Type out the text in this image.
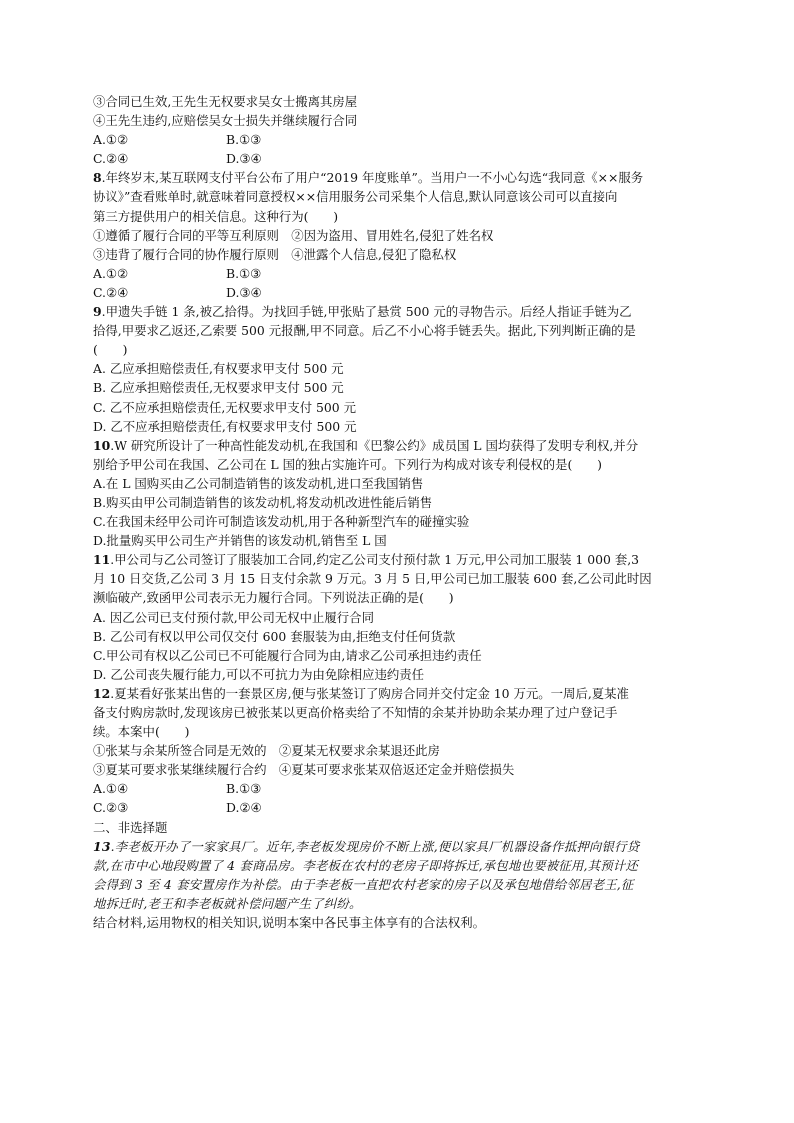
③合同已生效,王先生无权要求吴女士搬离其房屋
④王先生违约,应赔偿吴女士损失并继续履行合同
A.①②	B.①③
C.②④	D.③④
8.年终岁末,某互联网支付平台公布了用户“2019 年度账单”。当用户一不小心勾选“我同意《××服务
协议》”查看账单时,就意味着同意授权××信用服务公司采集个人信息,默认同意该公司可以直接向
第三方提供用户的相关信息。这种行为(　　)
①遵循了履行合同的平等互利原则　②因为盗用、冒用姓名,侵犯了姓名权
③违背了履行合同的协作履行原则　④泄露个人信息,侵犯了隐私权
A.①②	B.①③
C.②④	D.③④
9.甲遗失手链 1 条,被乙拾得。为找回手链,甲张贴了悬赏 500 元的寻物告示。后经人指证手链为乙
拾得,甲要求乙返还,乙索要 500 元报酬,甲不同意。后乙不小心将手链丢失。据此,下列判断正确的是
(　　)
A. 乙应承担赔偿责任,有权要求甲支付 500 元
B. 乙应承担赔偿责任,无权要求甲支付 500 元
C. 乙不应承担赔偿责任,无权要求甲支付 500 元
D. 乙不应承担赔偿责任,有权要求甲支付 500 元
10.W 研究所设计了一种高性能发动机,在我国和《巴黎公约》成员国 L 国均获得了发明专利权,并分
别给予甲公司在我国、乙公司在 L 国的独占实施许可。下列行为构成对该专利侵权的是(　　)
A.在 L 国购买由乙公司制造销售的该发动机,进口至我国销售
B.购买由甲公司制造销售的该发动机,将发动机改进性能后销售
C.在我国未经甲公司许可制造该发动机,用于各种新型汽车的碰撞实验
D.批量购买甲公司生产并销售的该发动机,销售至 L 国
11.甲公司与乙公司签订了服装加工合同,约定乙公司支付预付款 1 万元,甲公司加工服装 1 000 套,3
月 10 日交货,乙公司 3 月 15 日支付余款 9 万元。3 月 5 日,甲公司已加工服装 600 套,乙公司此时因
濒临破产,致函甲公司表示无力履行合同。下列说法正确的是(　　)
A. 因乙公司已支付预付款,甲公司无权中止履行合同
B. 乙公司有权以甲公司仅交付 600 套服装为由,拒绝支付任何货款
C.甲公司有权以乙公司已不可能履行合同为由,请求乙公司承担违约责任
D. 乙公司丧失履行能力,可以不可抗力为由免除相应违约责任
12.夏某看好张某出售的一套景区房,便与张某签订了购房合同并交付定金 10 万元。一周后,夏某准
备支付购房款时,发现该房已被张某以更高价格卖给了不知情的余某并协助余某办理了过户登记手
续。本案中(　　)
①张某与余某所签合同是无效的　②夏某无权要求余某退还此房
③夏某可要求张某继续履行合约　④夏某可要求张某双倍返还定金并赔偿损失
A.①④	B.①③
C.②③	D.②④
二、非选择题
13.李老板开办了一家家具厂。近年,李老板发现房价不断上涨,便以家具厂机器设备作抵押向银行贷
款,在市中心地段购置了 4 套商品房。李老板在农村的老房子即将拆迁,承包地也要被征用,其预计还
会得到 3 至 4 套安置房作为补偿。由于李老板一直把农村老家的房子以及承包地借给邻居老王,征
地拆迁时,老王和李老板就补偿问题产生了纠纷。
结合材料,运用物权的相关知识,说明本案中各民事主体享有的合法权利。
